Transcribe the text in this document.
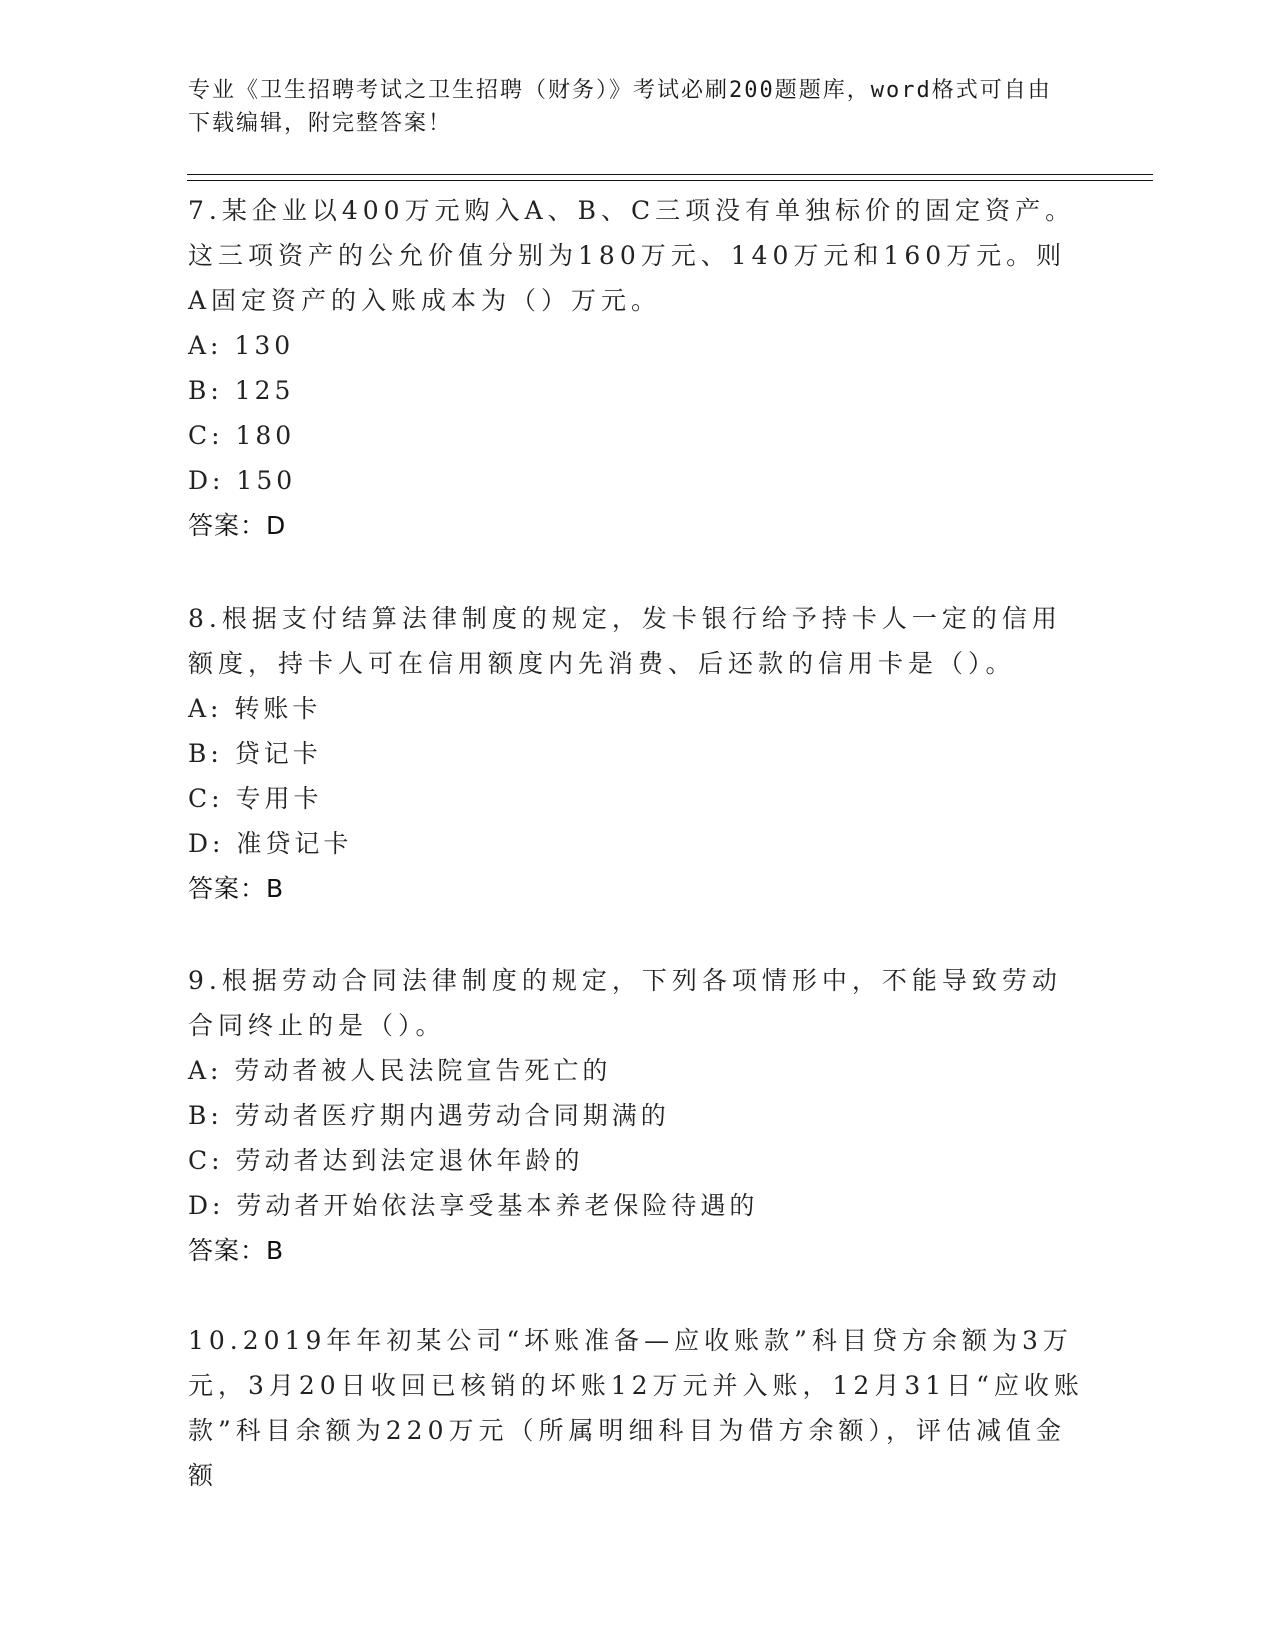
专业《卫生招聘考试之卫生招聘（财务）》考试必刷200题题库，word格式可自由下载编辑，附完整答案！

7.某企业以400万元购入A、B、C三项没有单独标价的固定资产。这三项资产的公允价值分别为180万元、140万元和160万元。则A固定资产的入账成本为（）万元。

A: 130

B: 125

C: 180

D: 150

答案：D

8.根据支付结算法律制度的规定，发卡银行给予持卡人一定的信用额度，持卡人可在信用额度内先消费、后还款的信用卡是（）。

A: 转账卡

B: 贷记卡

C: 专用卡

D: 准贷记卡

答案：B

9.根据劳动合同法律制度的规定，下列各项情形中，不能导致劳动合同终止的是（）。

A: 劳动者被人民法院宣告死亡的

B: 劳动者医疗期内遇劳动合同期满的

C: 劳动者达到法定退休年龄的

D: 劳动者开始依法享受基本养老保险待遇的

答案：B

10.2019年年初某公司“坏账准备—应收账款”科目贷方余额为3万元，3月20日收回已核销的坏账12万元并入账，12月31日“应收账款”科目余额为220万元（所属明细科目为借方余额），评估减值金额
